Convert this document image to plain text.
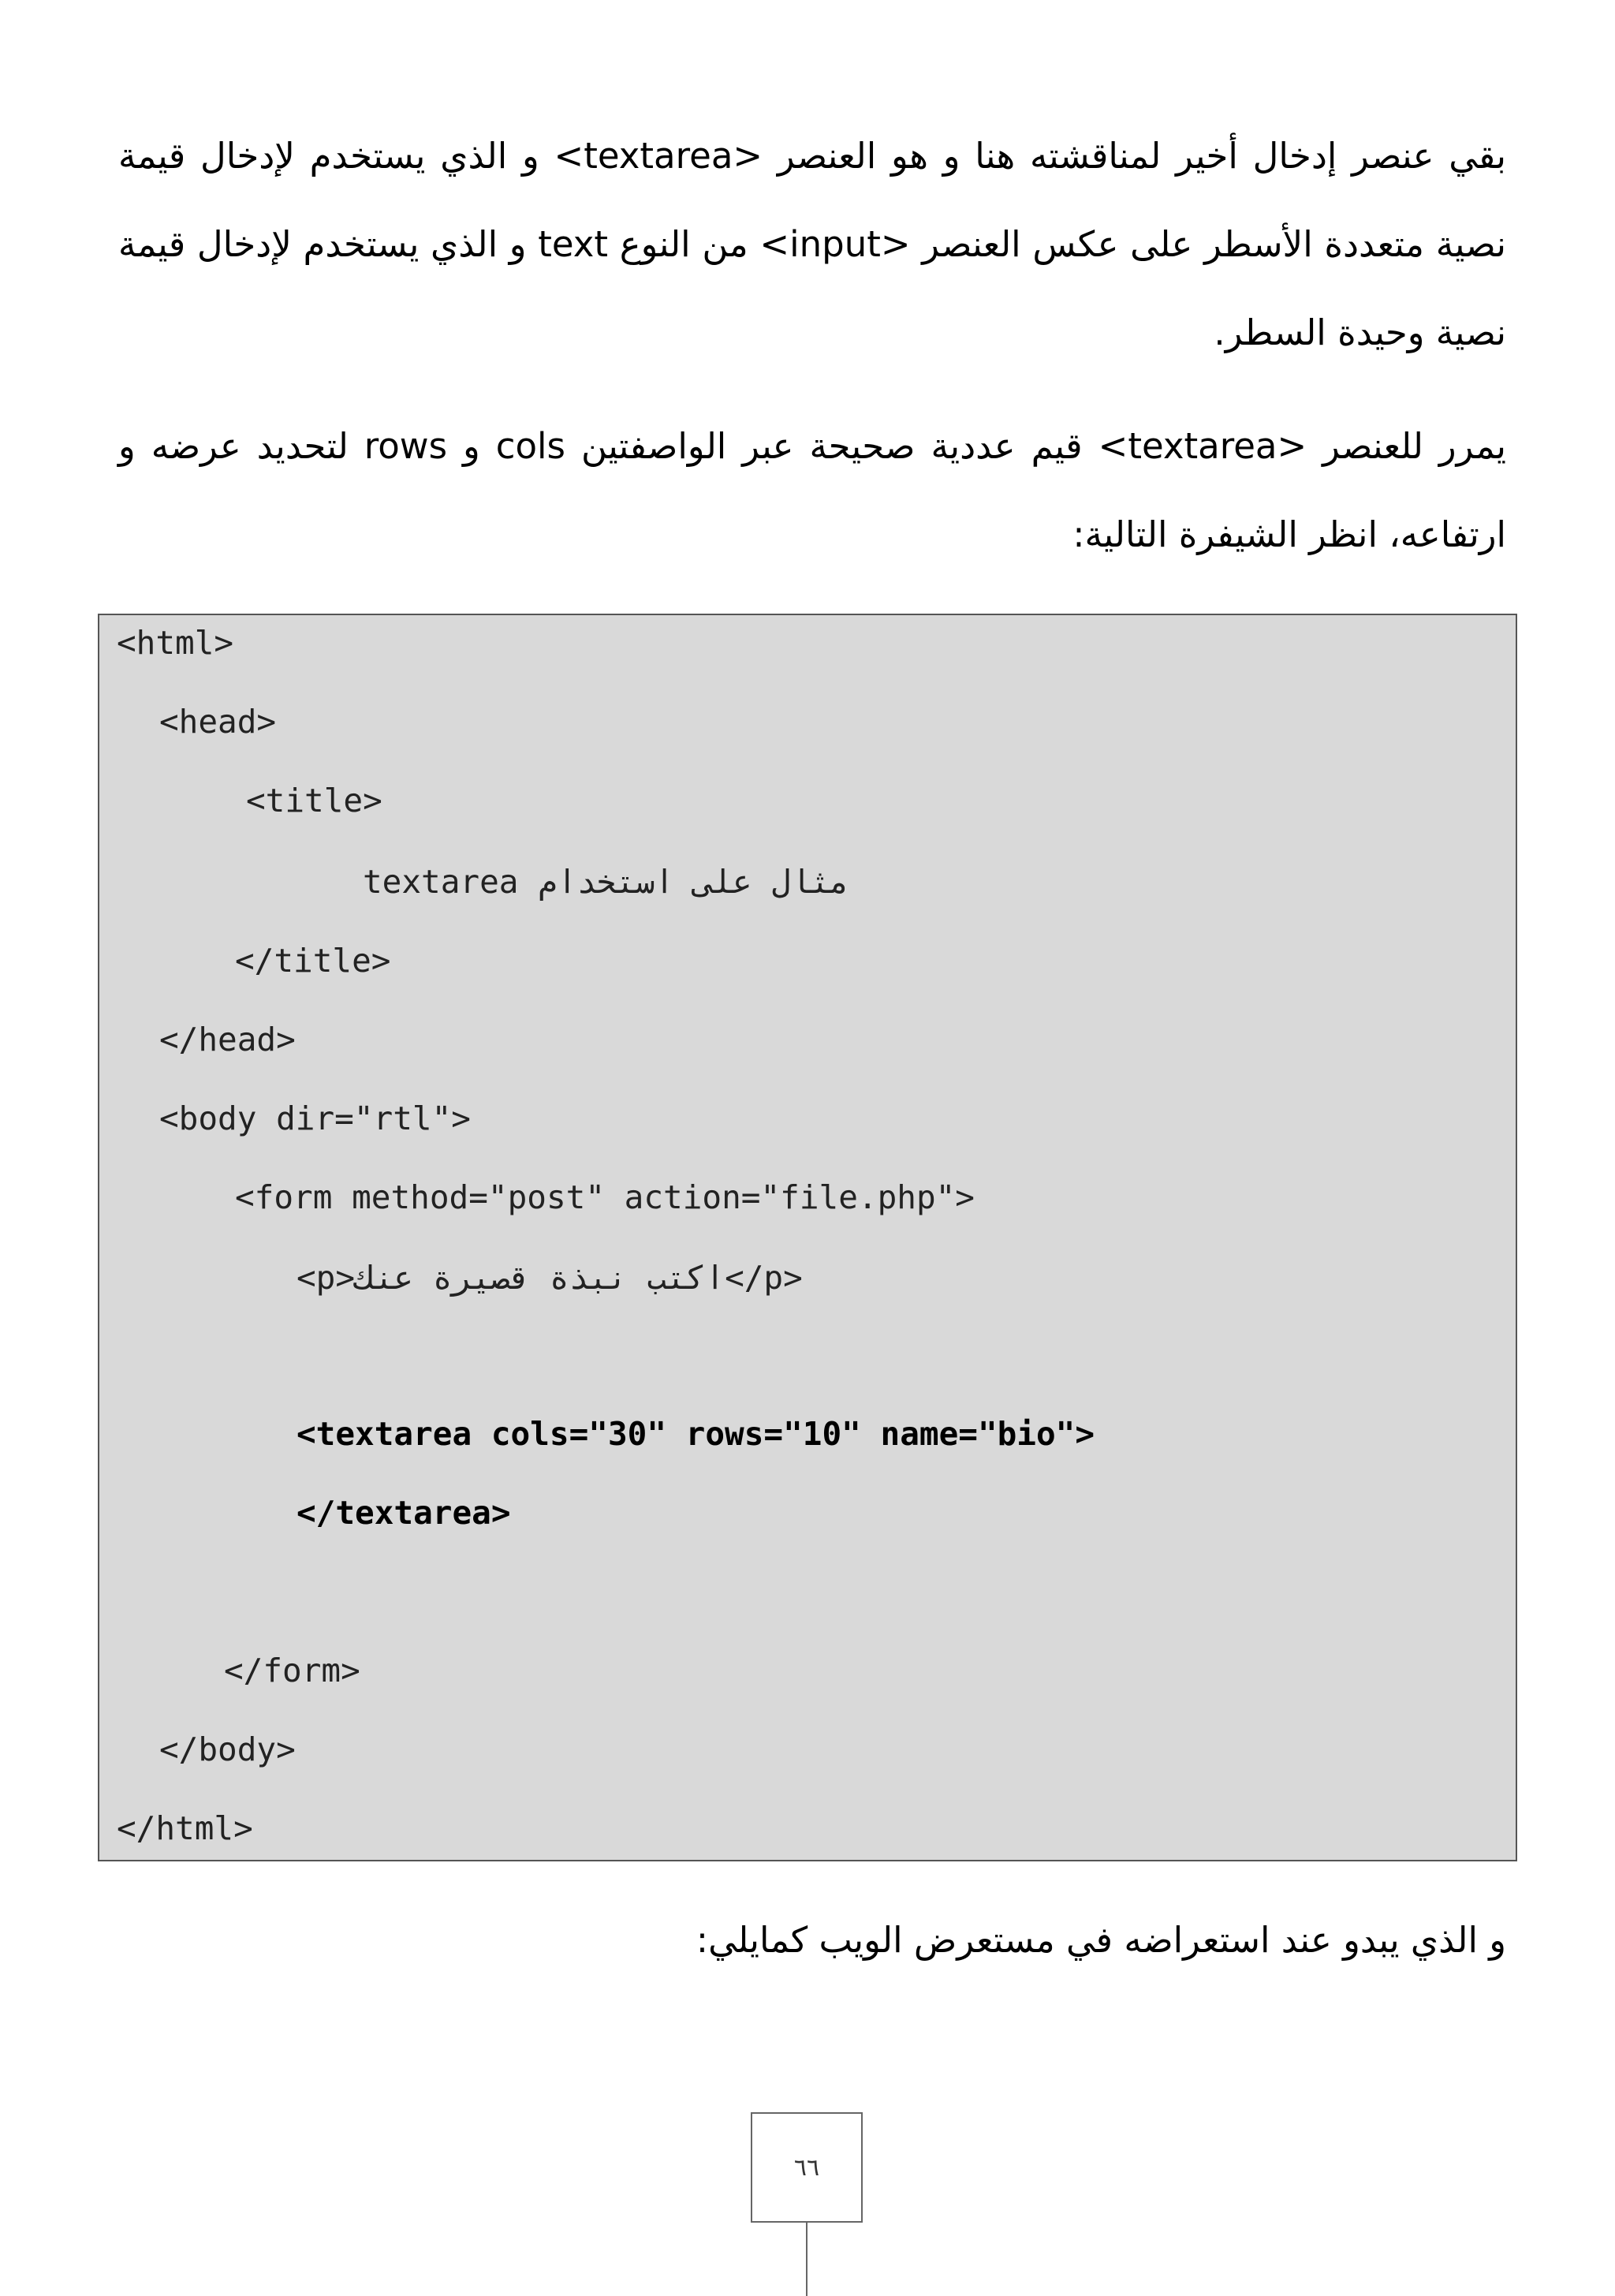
بقي عنصر إدخال أخير لمناقشته هنا و هو العنصر <textarea> و الذي يستخدم لإدخال قيمة
نصية متعددة الأسطر على عكس العنصر <input> من النوع text و الذي يستخدم لإدخال قيمة
نصية وحيدة السطر.
يمرر للعنصر <textarea> قيم عددية صحيحة عبر الواصفتين cols و rows لتحديد عرضه و
ارتفاعه، انظر الشيفرة التالية:
<html>
<head>
<title>
مثال على استخدام textarea
</title>
</head>
<body dir="rtl">
<form method="post" action="file.php">
<p>اكتب نبذة قصيرة عنك</p>
<textarea cols="30" rows="10" name="bio">
</textarea>
</form>
</body>
</html>
و الذي يبدو عند استعراضه في مستعرض الويب كمايلي:
٦٦
